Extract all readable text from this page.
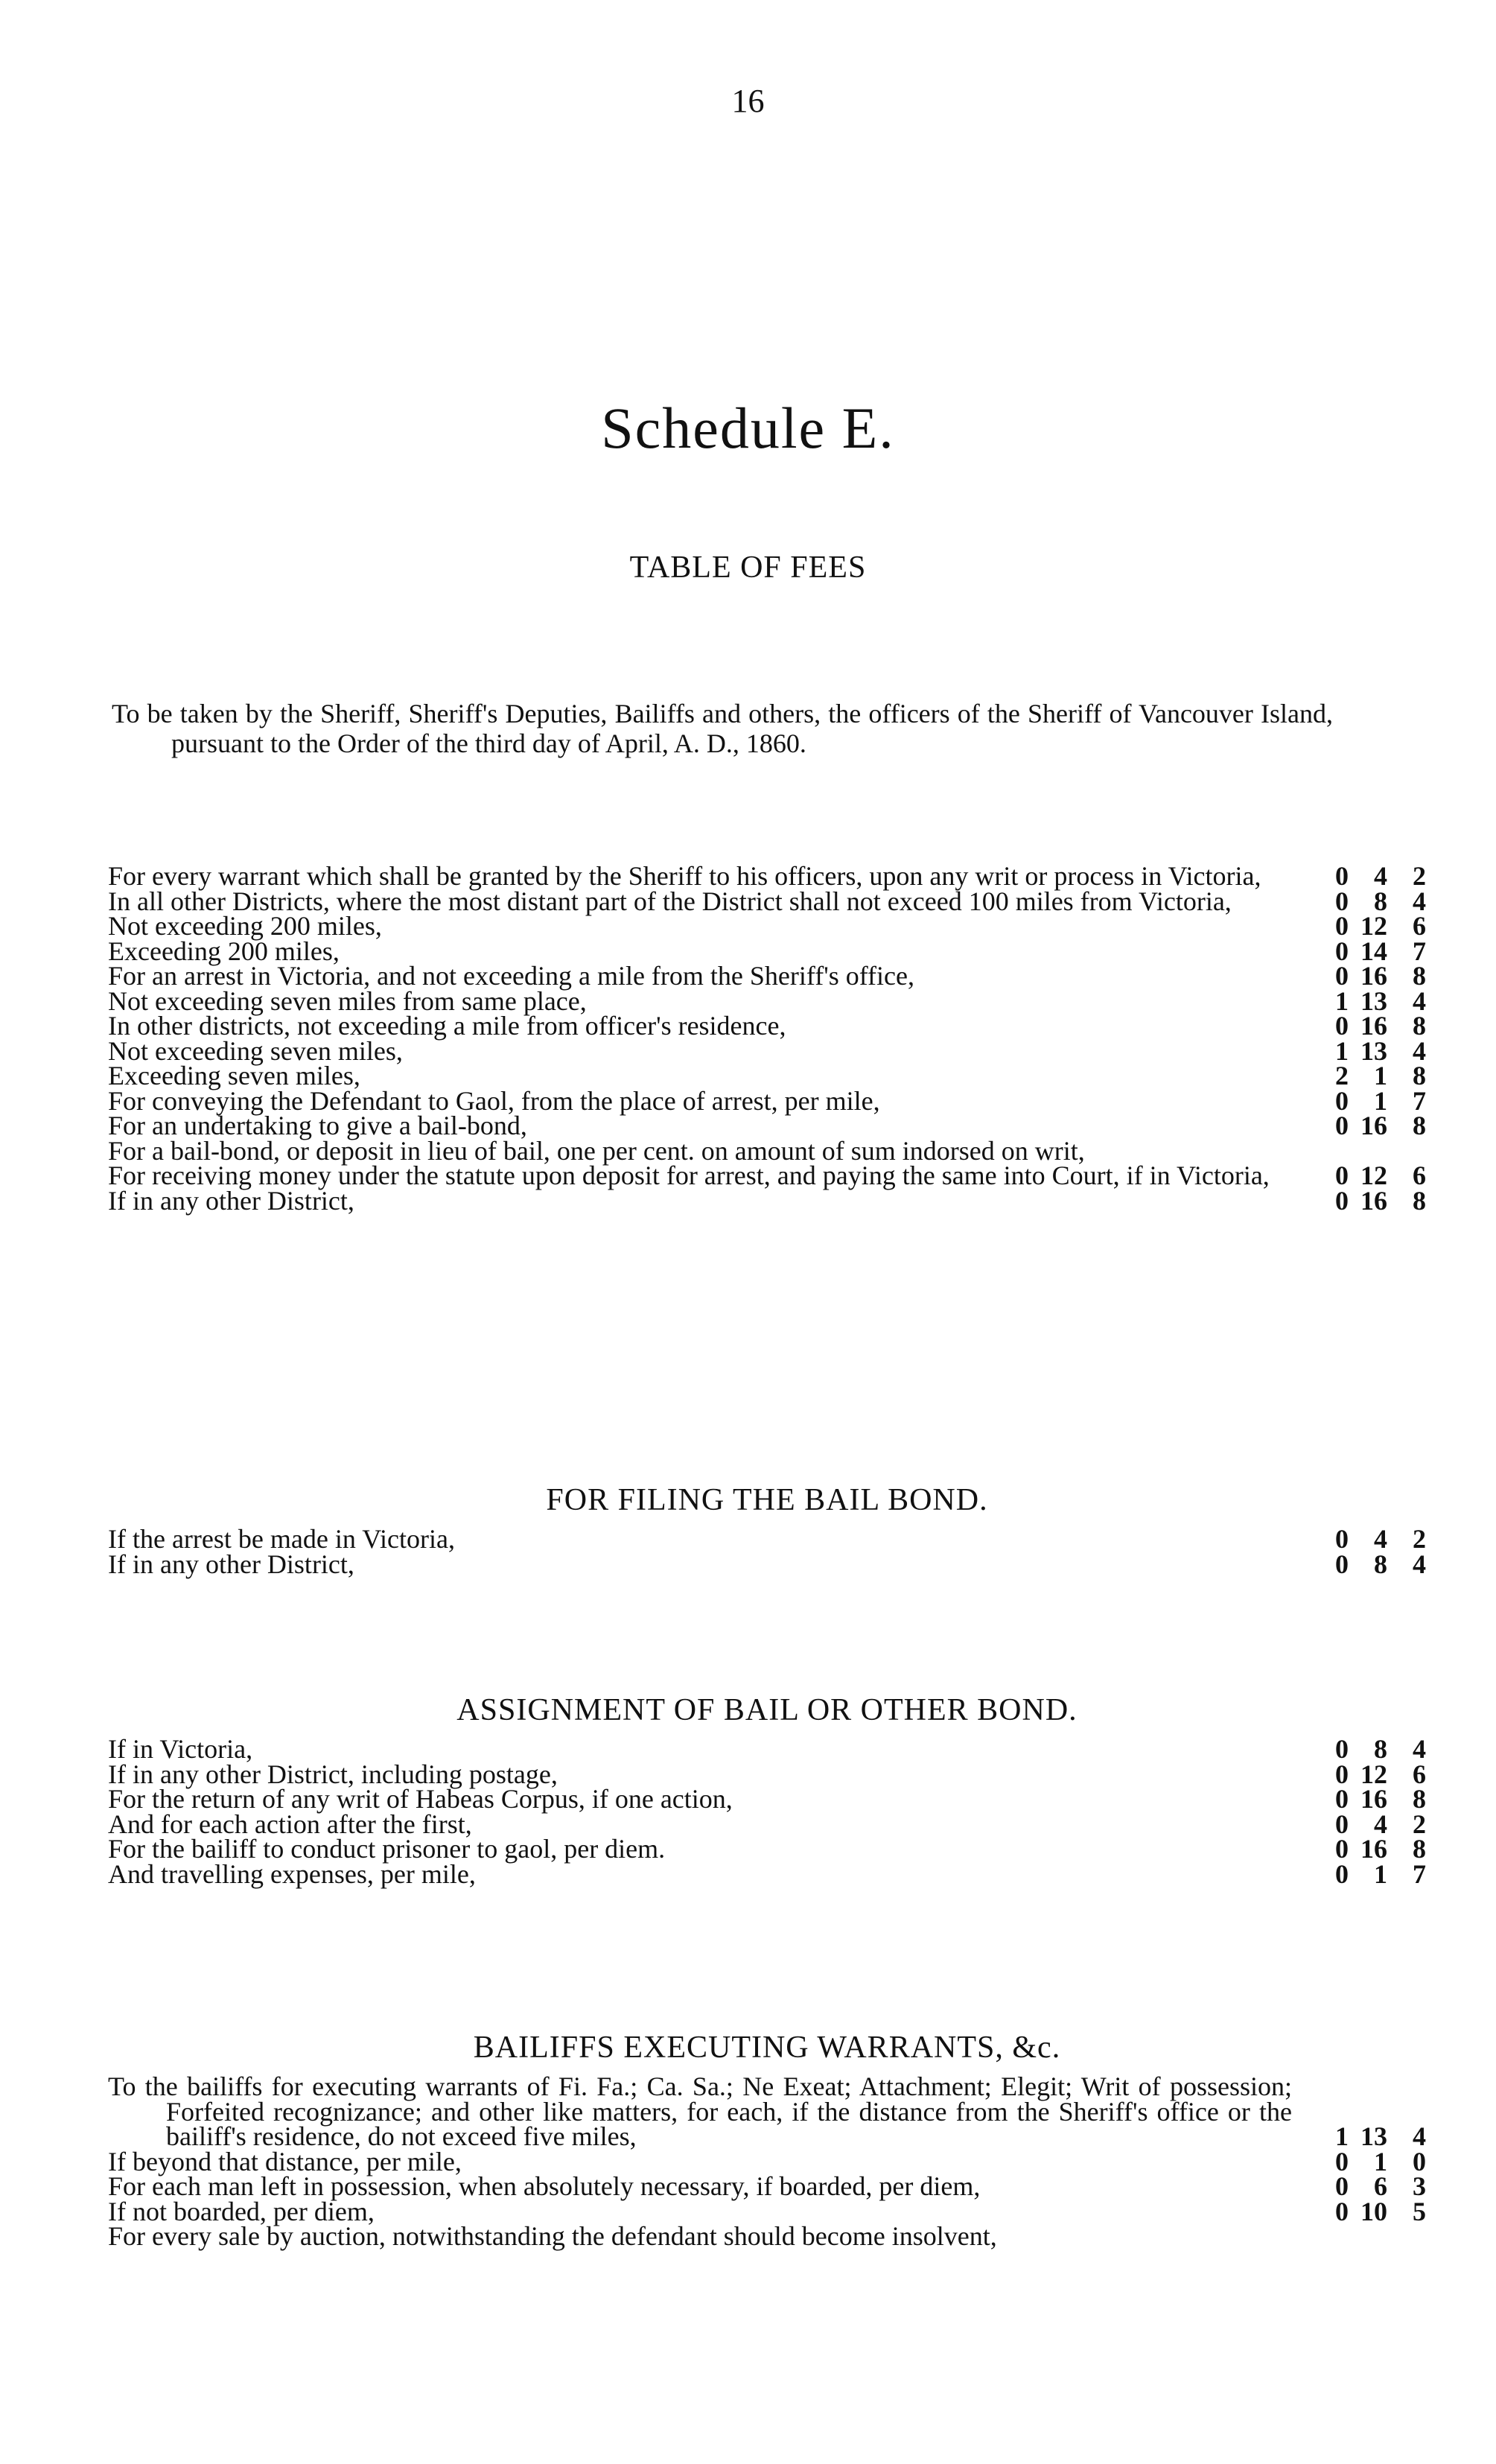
16
Schedule E.
TABLE OF FEES
To be taken by the Sheriff, Sheriff's Deputies, Bailiffs and others, the officers of the Sheriff of Vancouver Island, pursuant to the Order of the third day of April, A. D., 1860.
For every warrant which shall be granted by the Sheriff to his officers, upon any writ or process in Victoria,	0 4 2
In all other Districts, where the most distant part of the District shall not exceed 100 miles from Victoria,	0 8 4
Not exceeding 200 miles,	0 12 6
Exceeding 200 miles,	0 14 7
For an arrest in Victoria, and not exceeding a mile from the Sheriff's office,	0 16 8
Not exceeding seven miles from same place,	1 13 4
In other districts, not exceeding a mile from officer's residence,	0 16 8
Not exceeding seven miles,	1 13 4
Exceeding seven miles,	2 1 8
For conveying the Defendant to Gaol, from the place of arrest, per mile,	0 1 7
For an undertaking to give a bail-bond,	0 16 8
For a bail-bond, or deposit in lieu of bail, one per cent. on amount of sum indorsed on writ,
For receiving money under the statute upon deposit for arrest, and paying the same into Court, if in Victoria,	0 12 6
If in any other District,	0 16 8
FOR FILING THE BAIL BOND.
If the arrest be made in Victoria,	0 4 2
If in any other District,	0 8 4
ASSIGNMENT OF BAIL OR OTHER BOND.
If in Victoria,	0 8 4
If in any other District, including postage,	0 12 6
For the return of any writ of Habeas Corpus, if one action,	0 16 8
And for each action after the first,	0 4 2
For the bailiff to conduct prisoner to gaol, per diem.	0 16 8
And travelling expenses, per mile,	0 1 7
BAILIFFS EXECUTING WARRANTS, &c.
To the bailiffs for executing warrants of Fi. Fa.; Ca. Sa.; Ne Exeat; Attachment; Elegit; Writ of possession; Forfeited recognizance; and other like matters, for each, if the distance from the Sheriff's office or the bailiff's residence, do not exceed five miles,	1 13 4
If beyond that distance, per mile,	0 1 0
For each man left in possession, when absolutely necessary, if boarded, per diem,	0 6 3
If not boarded, per diem,	0 10 5
For every sale by auction, notwithstanding the defendant should become insolvent,
